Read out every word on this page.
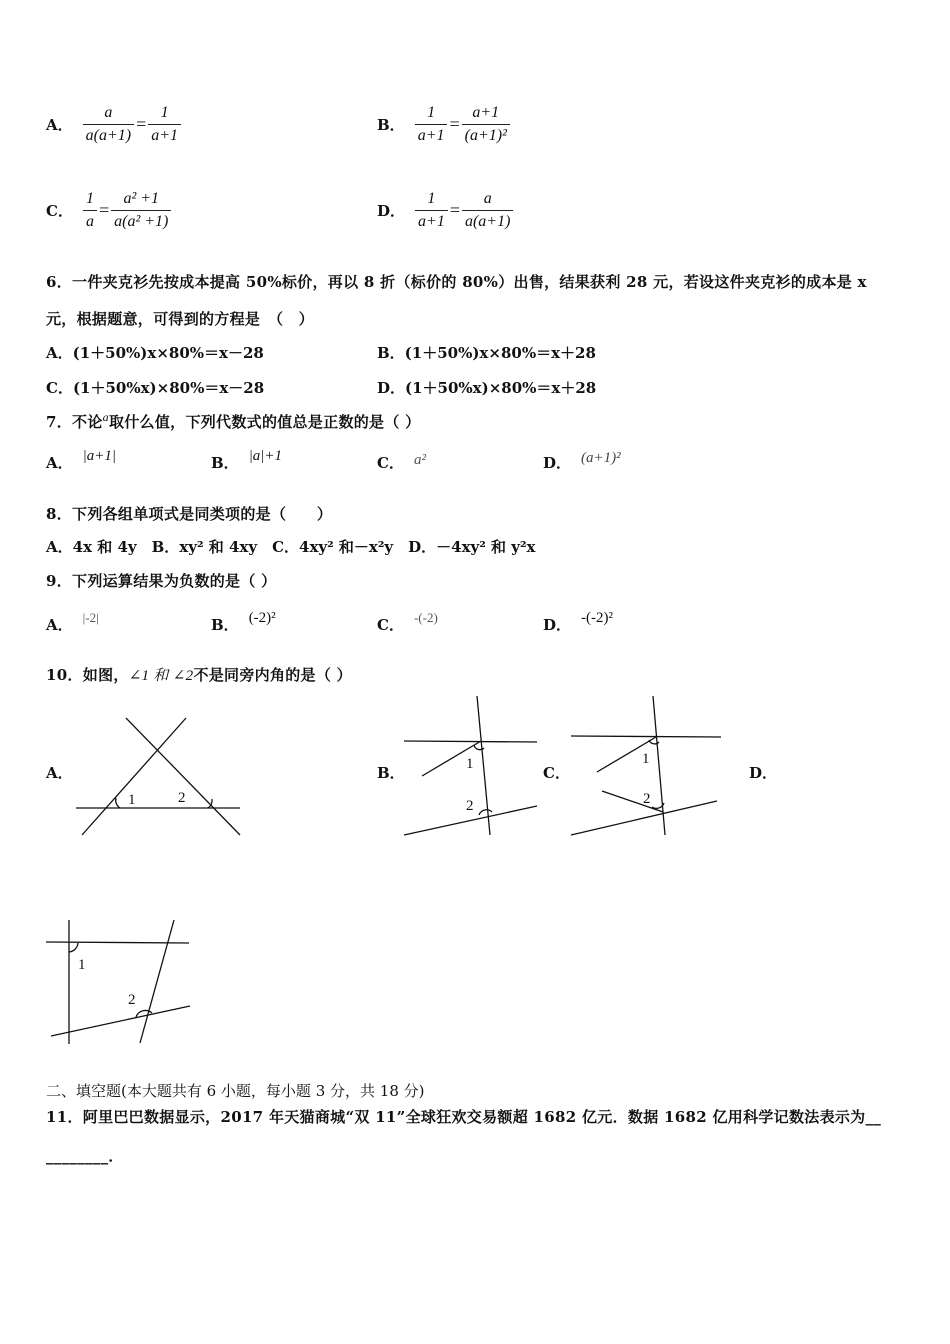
A． $\frac{a}{a(a+1)} = \frac{1}{a+1}$	B． $\frac{1}{a+1} = \frac{a+1}{\text{(a+1)²}}$
C． $\frac{1}{a} = \frac{\text{a² +1}}{\text{a(a² +1)}}$	D． $\frac{1}{a+1} = \frac{a}{a(a+1)}$
6．一件夹克衫先按成本提高 50%标价，再以 8 折（标价的 80%）出售，结果获利 28 元，若设这件夹克衫的成本是 x
元，根据题意，可得到的方程是　（　）
A．(1＋50%)x×80%＝x－28	B．(1＋50%)x×80%＝x＋28
C．(1＋50%x)×80%＝x－28	D．(1＋50%x)×80%＝x＋28
7．不论$^a$取什么值，下列代数式的值总是正数的是（ ）
A． |a+1|	B． |a|+1	C． a²	D． (a+1)²
8．下列各组单项式是同类项的是（　　）
A．4x 和 4y　B．xy² 和 4xy　C．4xy² 和－x²y　D．－4xy² 和 y²x
9．下列运算结果为负数的是（ ）
A． $^{|-2|}$	B． (-2)²	C． $^{-(-2)}$	D． -(-2)²
10．如图，∠1 和 ∠2不是同旁内角的是（ ）
A．	B．	C．	D．
1	2
1
2
1
2
1
2
二、填空题(本大题共有 6 小题，每小题 3 分，共 18 分)
11．阿里巴巴数据显示，2017 年天猫商城“双 11”全球狂欢交易额超 1682 亿元．数据 1682 亿用科学记数法表示为__
________．
